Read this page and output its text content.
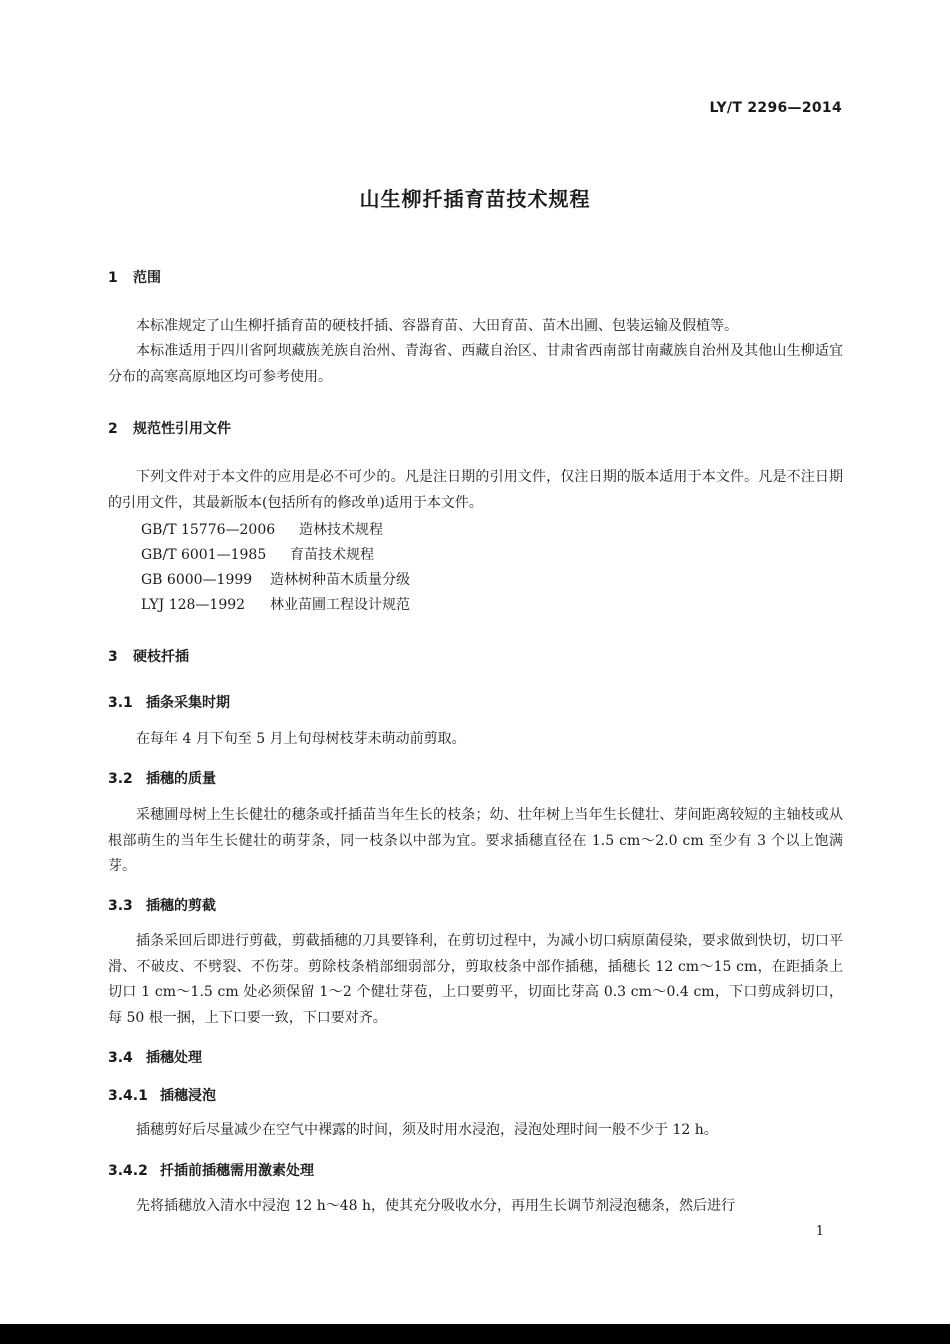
LY/T 2296—2014
山生柳扦插育苗技术规程
1 范围
本标准规定了山生柳扦插育苗的硬枝扦插、容器育苗、大田育苗、苗木出圃、包装运输及假植等。
本标准适用于四川省阿坝藏族羌族自治州、青海省、西藏自治区、甘肃省西南部甘南藏族自治州及其他山生柳适宜分布的高寒高原地区均可参考使用。
2 规范性引用文件
下列文件对于本文件的应用是必不可少的。凡是注日期的引用文件，仅注日期的版本适用于本文件。凡是不注日期的引用文件，其最新版本(包括所有的修改单)适用于本文件。
GB/T 15776—2006 造林技术规程
GB/T 6001—1985 育苗技术规程
GB 6000—1999 造林树种苗木质量分级
LYJ 128—1992 林业苗圃工程设计规范
3 硬枝扦插
3.1 插条采集时期
在每年 4 月下旬至 5 月上旬母树枝芽未萌动前剪取。
3.2 插穗的质量
采穗圃母树上生长健壮的穗条或扦插苗当年生长的枝条；幼、壮年树上当年生长健壮、芽间距离较短的主轴枝或从根部萌生的当年生长健壮的萌芽条，同一枝条以中部为宜。要求插穗直径在 1.5 cm～2.0 cm 至少有 3 个以上饱满芽。
3.3 插穗的剪截
插条采回后即进行剪截，剪截插穗的刀具要锋利，在剪切过程中，为减小切口病原菌侵染，要求做到快切，切口平滑、不破皮、不劈裂、不伤芽。剪除枝条梢部细弱部分，剪取枝条中部作插穗，插穗长 12 cm～15 cm，在距插条上切口 1 cm～1.5 cm 处必须保留 1～2 个健壮芽苞，上口要剪平，切面比芽高 0.3 cm～0.4 cm，下口剪成斜切口，每 50 根一捆，上下口要一致，下口要对齐。
3.4 插穗处理
3.4.1 插穗浸泡
插穗剪好后尽量减少在空气中裸露的时间，须及时用水浸泡，浸泡处理时间一般不少于 12 h。
3.4.2 扦插前插穗需用激素处理
先将插穗放入清水中浸泡 12 h～48 h，使其充分吸收水分，再用生长调节剂浸泡穗条，然后进行
1
